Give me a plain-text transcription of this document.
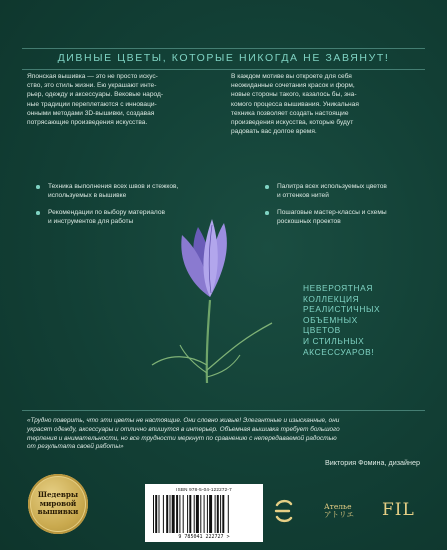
ДИВНЫЕ ЦВЕТЫ, КОТОРЫЕ НИКОГДА НЕ ЗАВЯНУТ!
Японская вышивка — это не просто искус-
ство, это стиль жизни. Ею украшают инте-
рьер, одежду и аксессуары. Вековые народ-
ные традиции переплетаются с инноваци-
онными методами 3D-вышивки, создавая
потрясающие произведения искусства.
В каждом мотиве вы откроете для себя
неожиданные сочетания красок и форм,
новые стороны такого, казалось бы, зна-
комого процесса вышивания. Уникальная
техника позволяет создать настоящие
произведения искусства, которые будут
радовать вас долгое время.
Техника выполнения всех швов и стежков,
используемых в вышивке
Рекомендации по выбору материалов
и инструментов для работы
Палитра всех используемых цветов
и оттенков нитей
Пошаговые мастер-классы и схемы
роскошных проектов
НЕВЕРОЯТНАЯ
КОЛЛЕКЦИЯ
РЕАЛИСТИЧНЫХ
ОБЪЕМНЫХ
ЦВЕТОВ
И СТИЛЬНЫХ
АКСЕССУАРОВ!
«Трудно поверить, что эти цветы не настоящие. Они словно живые! Элегантные и изысканные, они
украсят одежду, аксессуары и отлично впишутся в интерьер. Объемная вышивка требует большого
терпения и внимательности, но все трудности меркнут по сравнению с непередаваемой радостью
от результата своей работы»
Виктория Фомина, дизайнер
Шедевры
мировой
вышивки
ISBN 978-5-04-122272-7
9 785041 222727 >
Ателье
アトリエ FIL
